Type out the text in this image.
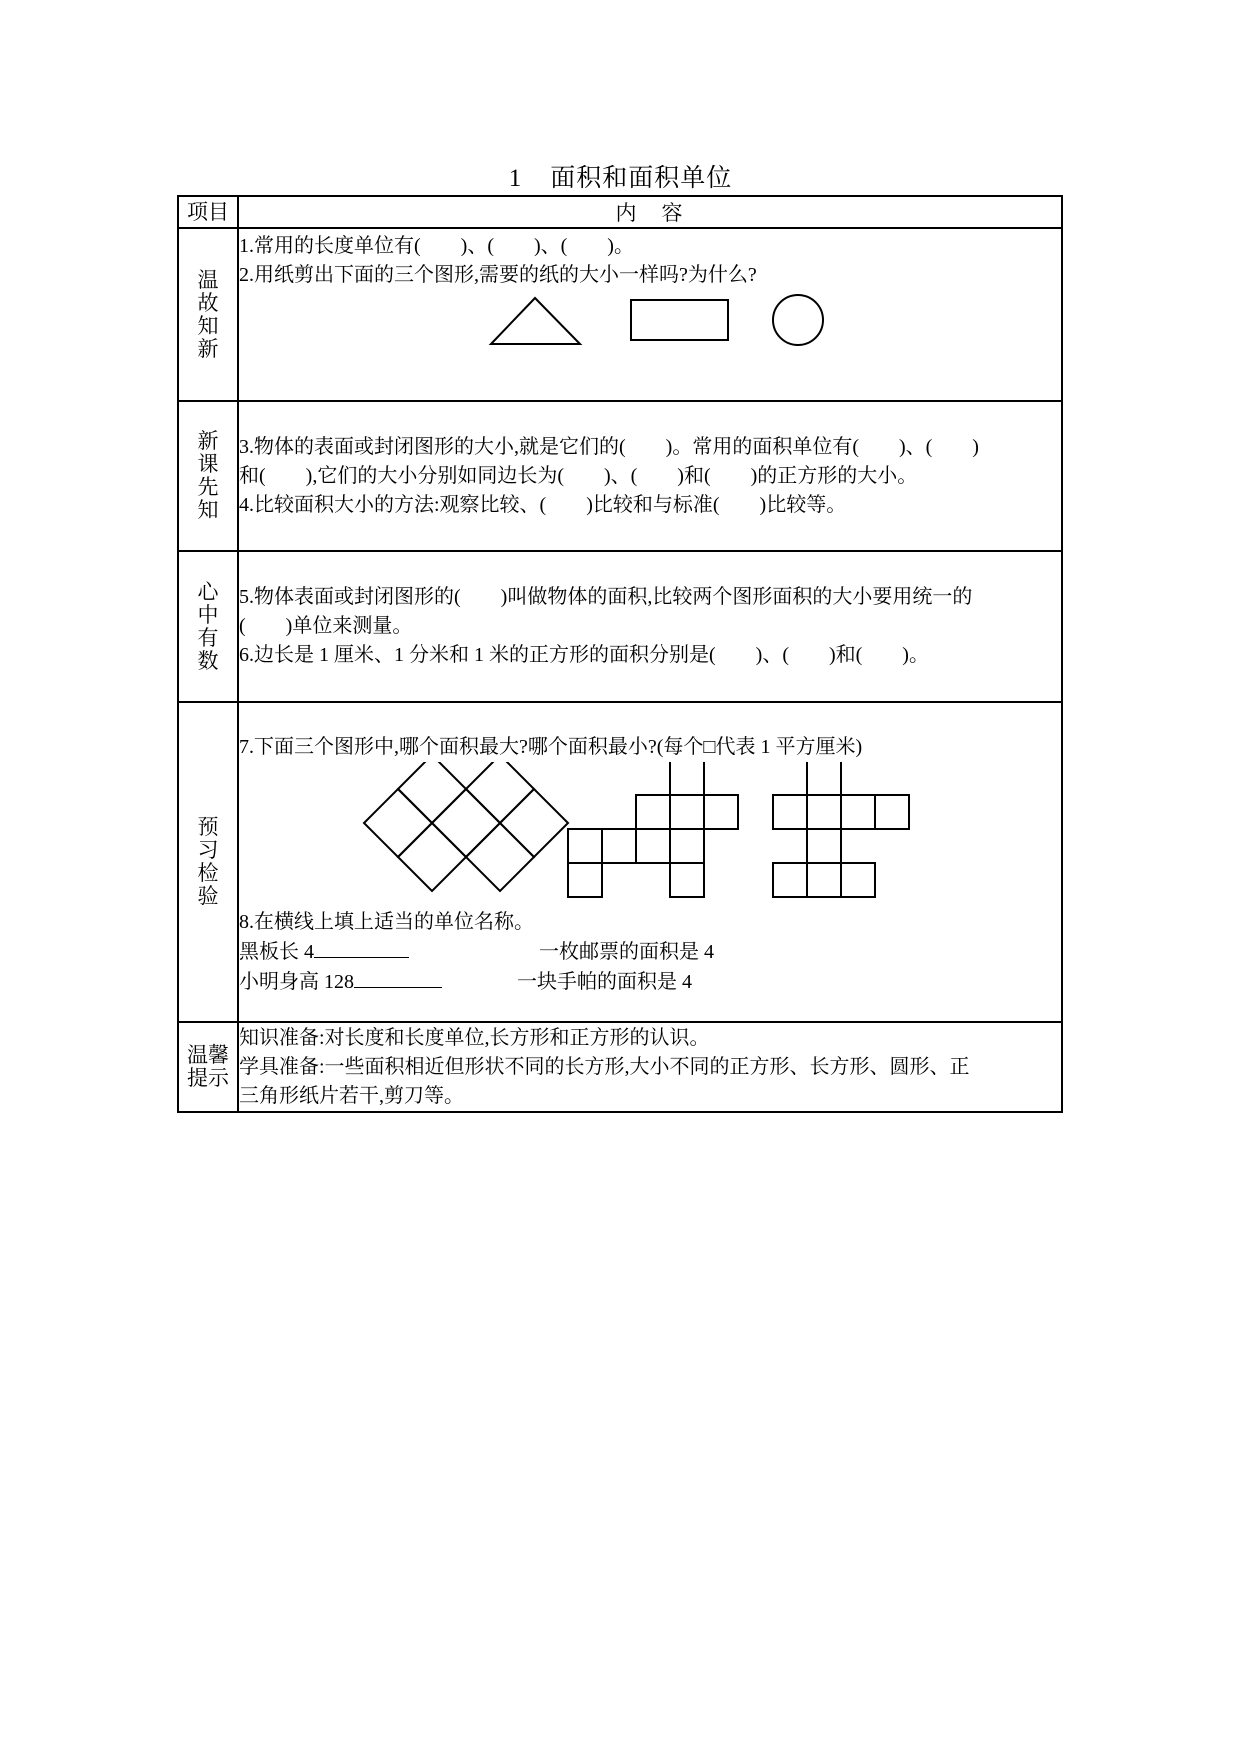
1 面积和面积单位
项目	内　容
温故知新	1.常用的长度单位有(　　)、(　　)、(　　)。

2.用纸剪出下面的三个图形,需要的纸的大小一样吗?为什么?

新课先知	3.物体的表面或封闭图形的大小,就是它们的(　　)。常用的面积单位有(　　)、(　　)

和(　　),它们的大小分别如同边长为(　　)、(　　)和(　　)的正方形的大小。

4.比较面积大小的方法:观察比较、(　　)比较和与标准(　　)比较等。

心中有数	5.物体表面或封闭图形的(　　)叫做物体的面积,比较两个图形面积的大小要用统一的

(　　)单位来测量。

6.边长是 1 厘米、1 分米和 1 米的正方形的面积分别是(　　)、(　　)和(　　)。

预习检验	7.下面三个图形中,哪个面积最大?哪个面积最小?(每个□代表 1 平方厘米)

8.在横线上填上适当的单位名称。

黑板长 4 一枚邮票的面积是 4

小明身高 128 一块手帕的面积是 4

温馨提示	知识准备:对长度和长度单位,长方形和正方形的认识。

学具准备:一些面积相近但形状不同的长方形,大小不同的正方形、长方形、圆形、正

三角形纸片若干,剪刀等。
